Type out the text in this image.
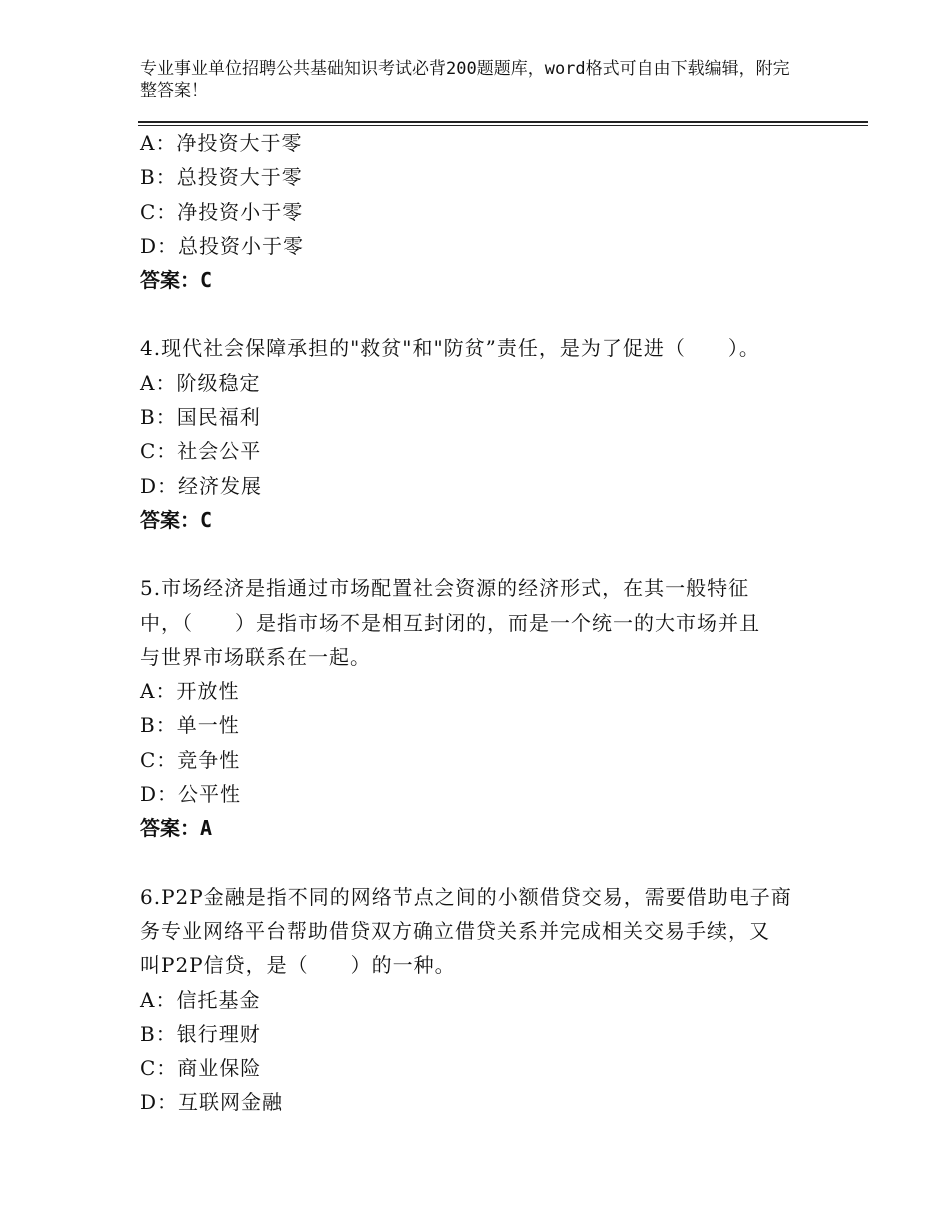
专业事业单位招聘公共基础知识考试必背200题题库，word格式可自由下载编辑，附完整答案！
A：净投资大于零
B：总投资大于零
C：净投资小于零
D：总投资小于零
答案：C
4.现代社会保障承担的"救贫"和"防贫”责任，是为了促进（　　）。
A：阶级稳定
B：国民福利
C：社会公平
D：经济发展
答案：C
5.市场经济是指通过市场配置社会资源的经济形式，在其一般特征
中，（　　）是指市场不是相互封闭的，而是一个统一的大市场并且
与世界市场联系在一起。
A：开放性
B：单一性
C：竞争性
D：公平性
答案：A
6.P2P金融是指不同的网络节点之间的小额借贷交易，需要借助电子商
务专业网络平台帮助借贷双方确立借贷关系并完成相关交易手续，又
叫P2P信贷，是（　　）的一种。
A：信托基金
B：银行理财
C：商业保险
D：互联网金融
